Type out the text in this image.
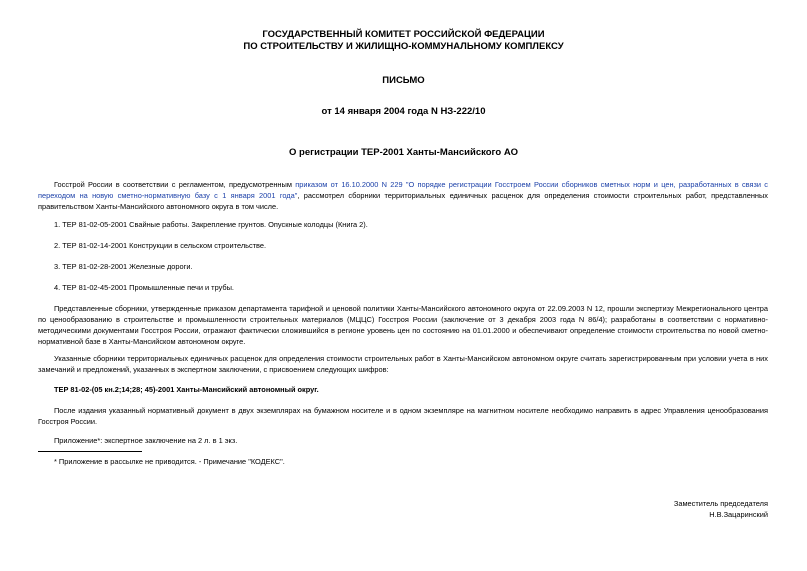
ГОСУДАРСТВЕННЫЙ КОМИТЕТ РОССИЙСКОЙ ФЕДЕРАЦИИ
ПО СТРОИТЕЛЬСТВУ И ЖИЛИЩНО-КОММУНАЛЬНОМУ КОМПЛЕКСУ
ПИСЬМО
от 14 января 2004 года N НЗ-222/10
О регистрации ТЕР-2001 Ханты-Мансийского АО
Госстрой России в соответствии с регламентом, предусмотренным приказом от 16.10.2000 N 229 "О порядке регистрации Госстроем России сборников сметных норм и цен, разработанных в связи с переходом на новую сметно-нормативную базу с 1 января 2001 года", рассмотрел сборники территориальных единичных расценок для определения стоимости строительных работ, представленных правительством Ханты-Мансийского автономного округа в том числе.
1. ТЕР 81-02-05-2001 Свайные работы. Закрепление грунтов. Опускные колодцы (Книга 2).
2. ТЕР 81-02-14-2001 Конструкции в сельском строительстве.
3. ТЕР 81-02-28-2001 Железные дороги.
4. ТЕР 81-02-45-2001 Промышленные печи и трубы.
Представленные сборники, утвержденные приказом департамента тарифной и ценовой политики Ханты-Мансийского автономного округа от 22.09.2003 N 12, прошли экспертизу Межрегионального центра по ценообразованию в строительстве и промышленности строительных материалов (МЦЦС) Госстроя России (заключение от 3 декабря 2003 года N 86/4); разработаны в соответствии с нормативно-методическими документами Госстроя России, отражают фактически сложившийся в регионе уровень цен по состоянию на 01.01.2000 и обеспечивают определение стоимости строительства по новой сметно-нормативной базе в Ханты-Мансийском автономном округе.
Указанные сборники территориальных единичных расценок для определения стоимости строительных работ в Ханты-Мансийском автономном округе считать зарегистрированным при условии учета в них замечаний и предложений, указанных в экспертном заключении, с присвоением следующих шифров:
ТЕР 81-02-(05 кн.2;14;28; 45)-2001 Ханты-Мансийский автономный округ.
После издания указанный нормативный документ в двух экземплярах на бумажном носителе и в одном экземпляре на магнитном носителе необходимо направить в адрес Управления ценообразования Госстроя России.
Приложение*: экспертное заключение на 2 л. в 1 экз.
* Приложение в рассылке не приводится. - Примечание "КОДЕКС".
Заместитель председателя
Н.В.Зацаринский
